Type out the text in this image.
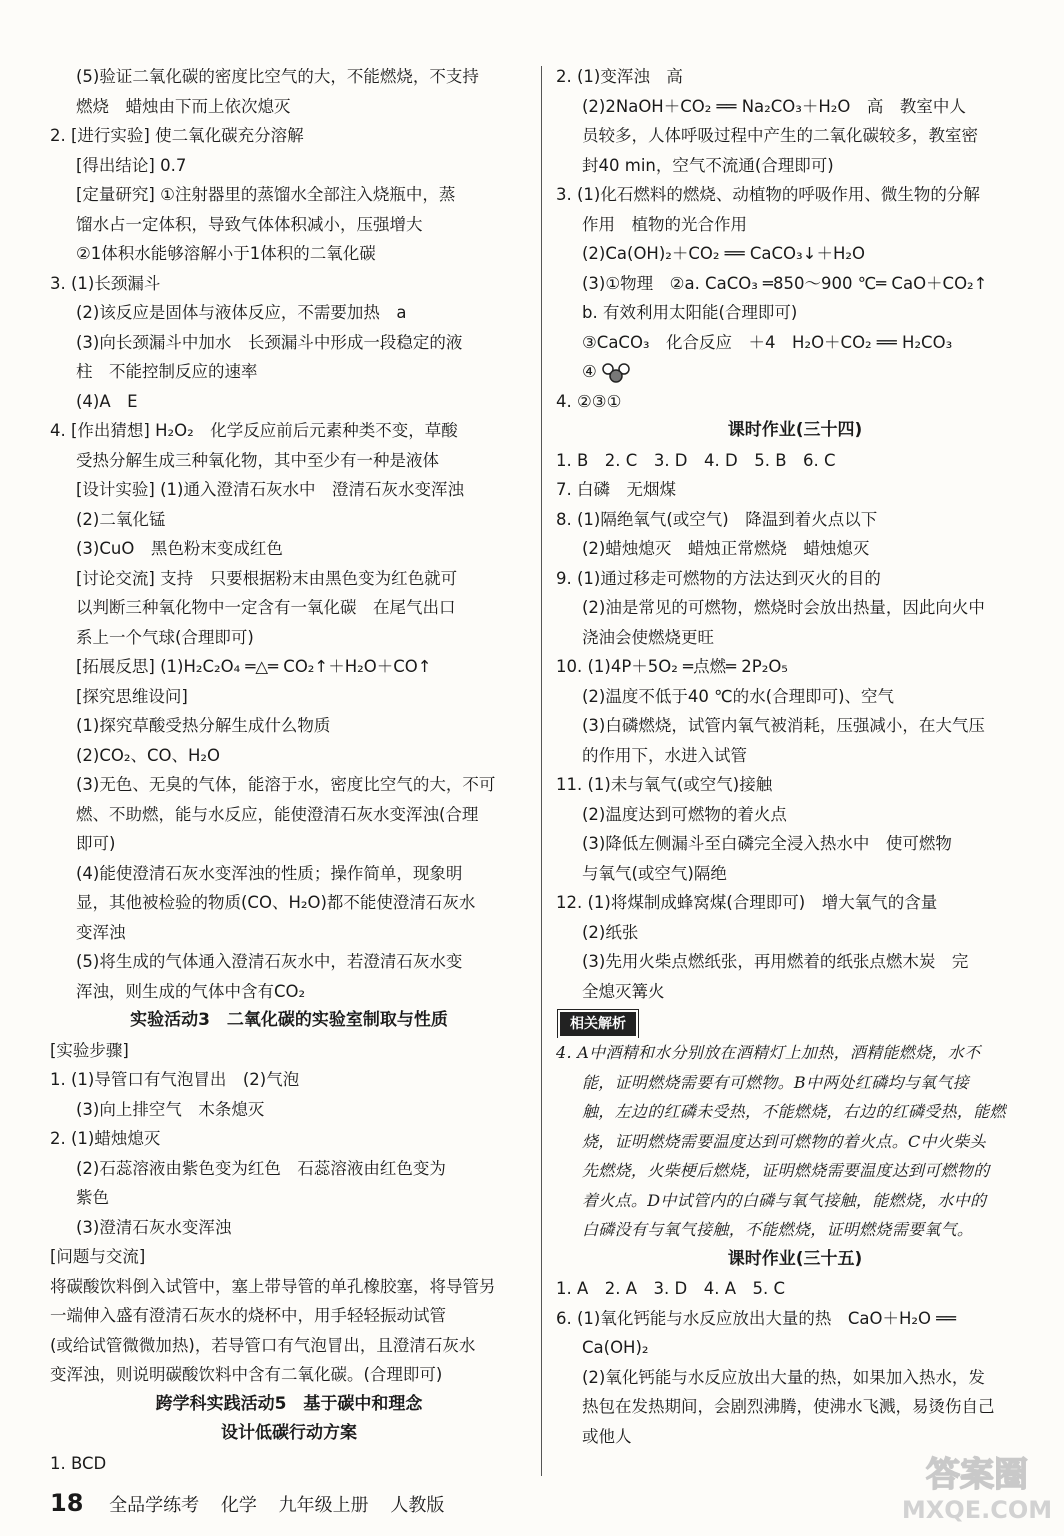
(5)验证二氧化碳的密度比空气的大，不能燃烧，不支持
燃烧　蜡烛由下而上依次熄灭
2. [进行实验] 使二氧化碳充分溶解
[得出结论] 0.7
[定量研究] ①注射器里的蒸馏水全部注入烧瓶中，蒸
馏水占一定体积，导致气体体积减小，压强增大
②1体积水能够溶解小于1体积的二氧化碳
3. (1)长颈漏斗
(2)该反应是固体与液体反应，不需要加热　a
(3)向长颈漏斗中加水　长颈漏斗中形成一段稳定的液
柱　不能控制反应的速率
(4)A　E
4. [作出猜想] H₂O₂　化学反应前后元素种类不变，草酸
受热分解生成三种氧化物，其中至少有一种是液体
[设计实验] (1)通入澄清石灰水中　澄清石灰水变浑浊
(2)二氧化锰
(3)CuO　黑色粉末变成红色
[讨论交流] 支持　只要根据粉末由黑色变为红色就可
以判断三种氧化物中一定含有一氧化碳　在尾气出口
系上一个气球(合理即可)
[拓展反思] (1)H₂C₂O₄ ═△═ CO₂↑＋H₂O＋CO↑
[探究思维设问]
(1)探究草酸受热分解生成什么物质
(2)CO₂、CO、H₂O
(3)无色、无臭的气体，能溶于水，密度比空气的大，不可
燃、不助燃，能与水反应，能使澄清石灰水变浑浊(合理
即可)
(4)能使澄清石灰水变浑浊的性质；操作简单，现象明
显，其他被检验的物质(CO、H₂O)都不能使澄清石灰水
变浑浊
(5)将生成的气体通入澄清石灰水中，若澄清石灰水变
浑浊，则生成的气体中含有CO₂
实验活动3　二氧化碳的实验室制取与性质
[实验步骤]
1. (1)导管口有气泡冒出　(2)气泡
(3)向上排空气　木条熄灭
2. (1)蜡烛熄灭
(2)石蕊溶液由紫色变为红色　石蕊溶液由红色变为
紫色
(3)澄清石灰水变浑浊
[问题与交流]
将碳酸饮料倒入试管中，塞上带导管的单孔橡胶塞，将导管另
一端伸入盛有澄清石灰水的烧杯中，用手轻轻振动试管
(或给试管微微加热)，若导管口有气泡冒出，且澄清石灰水
变浑浊，则说明碳酸饮料中含有二氧化碳。(合理即可)
跨学科实践活动5　基于碳中和理念
设计低碳行动方案
1. BCD
2. (1)变浑浊　高
(2)2NaOH＋CO₂ ══ Na₂CO₃＋H₂O　高　教室中人
员较多，人体呼吸过程中产生的二氧化碳较多，教室密
封40 min，空气不流通(合理即可)
3. (1)化石燃料的燃烧、动植物的呼吸作用、微生物的分解
作用　植物的光合作用
(2)Ca(OH)₂＋CO₂ ══ CaCO₃↓＋H₂O
(3)①物理　②a. CaCO₃ ═850～900 ℃═ CaO＋CO₂↑
b. 有效利用太阳能(合理即可)
③CaCO₃　化合反应　＋4　H₂O＋CO₂ ══ H₂CO₃
④
4. ②③①
课时作业(三十四)
1. B　2. C　3. D　4. D　5. B　6. C
7. 白磷　无烟煤
8. (1)隔绝氧气(或空气)　降温到着火点以下
(2)蜡烛熄灭　蜡烛正常燃烧　蜡烛熄灭
9. (1)通过移走可燃物的方法达到灭火的目的
(2)油是常见的可燃物，燃烧时会放出热量，因此向火中
浇油会使燃烧更旺
10. (1)4P＋5O₂ ═点燃═ 2P₂O₅
(2)温度不低于40 ℃的水(合理即可)、空气
(3)白磷燃烧，试管内氧气被消耗，压强减小，在大气压
的作用下，水进入试管
11. (1)未与氧气(或空气)接触
(2)温度达到可燃物的着火点
(3)降低左侧漏斗至白磷完全浸入热水中　使可燃物
与氧气(或空气)隔绝
12. (1)将煤制成蜂窝煤(合理即可)　增大氧气的含量
(2)纸张
(3)先用火柴点燃纸张，再用燃着的纸张点燃木炭　完
全熄灭篝火
相关解析
4. A中酒精和水分别放在酒精灯上加热，酒精能燃烧，水不
能，证明燃烧需要有可燃物。B中两处红磷均与氧气接
触，左边的红磷未受热，不能燃烧，右边的红磷受热，能燃
烧，证明燃烧需要温度达到可燃物的着火点。C中火柴头
先燃烧，火柴梗后燃烧，证明燃烧需要温度达到可燃物的
着火点。D中试管内的白磷与氧气接触，能燃烧，水中的
白磷没有与氧气接触，不能燃烧，证明燃烧需要氧气。
课时作业(三十五)
1. A　2. A　3. D　4. A　5. C
6. (1)氧化钙能与水反应放出大量的热　CaO＋H₂O ══
Ca(OH)₂
(2)氧化钙能与水反应放出大量的热，如果加入热水，发
热包在发热期间，会剧烈沸腾，使沸水飞溅，易烫伤自己
或他人
18 全品学练考 化学 九年级上册 人教版
答案圈
MXQE.COM
